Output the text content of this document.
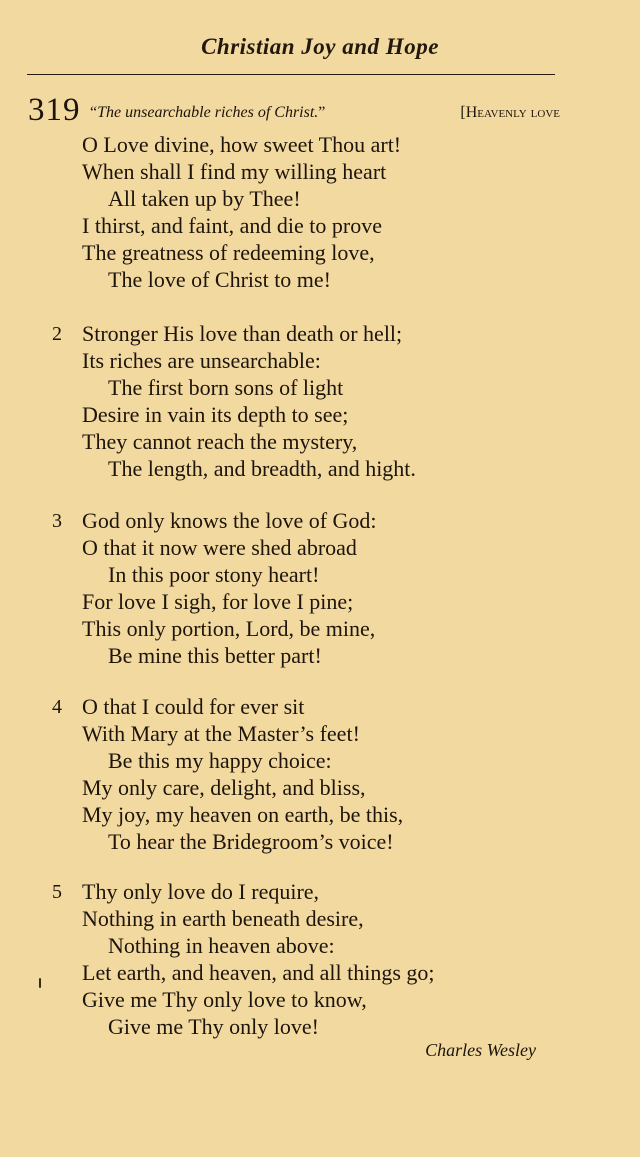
Christian Joy and Hope
319 “The unsearchable riches of Christ.”	[Heavenly love
O Love divine, how sweet Thou art!
When shall I find my willing heart
All taken up by Thee!
I thirst, and faint, and die to prove
The greatness of redeeming love,
The love of Christ to me!
2 Stronger His love than death or hell;
Its riches are unsearchable:
The first born sons of light
Desire in vain its depth to see;
They cannot reach the mystery,
The length, and breadth, and hight.
3 God only knows the love of God:
O that it now were shed abroad
In this poor stony heart!
For love I sigh, for love I pine;
This only portion, Lord, be mine,
Be mine this better part!
4 O that I could for ever sit
With Mary at the Master’s feet!
Be this my happy choice:
My only care, delight, and bliss,
My joy, my heaven on earth, be this,
To hear the Bridegroom’s voice!
5 Thy only love do I require,
Nothing in earth beneath desire,
Nothing in heaven above:
Let earth, and heaven, and all things go;
Give me Thy only love to know,
Give me Thy only love!
Charles Wesley
